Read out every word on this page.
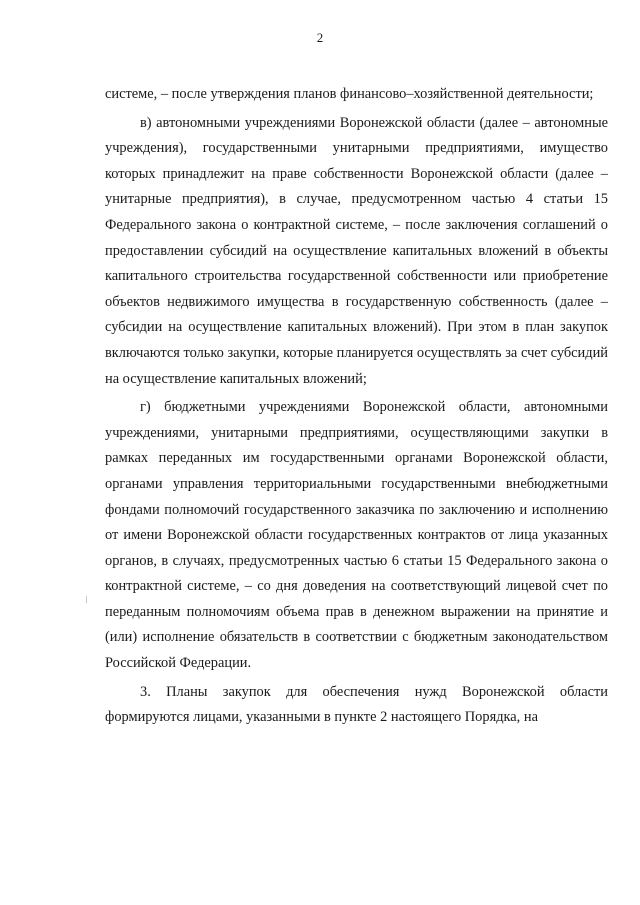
2

системе, – после утверждения планов финансово–хозяйственной деятельности;

в) автономными учреждениями Воронежской области (далее – автономные учреждения), государственными унитарными предприятиями, имущество которых принадлежит на праве собственности Воронежской области (далее – унитарные предприятия), в случае, предусмотренном частью 4 статьи 15 Федерального закона о контрактной системе, – после заключения соглашений о предоставлении субсидий на осуществление капитальных вложений в объекты капитального строительства государственной собственности или приобретение объектов недвижимого имущества в государственную собственность (далее – субсидии на осуществление капитальных вложений). При этом в план закупок включаются только закупки, которые планируется осуществлять за счет субсидий на осуществление капитальных вложений;

г) бюджетными учреждениями Воронежской области, автономными учреждениями, унитарными предприятиями, осуществляющими закупки в рамках переданных им государственными органами Воронежской области, органами управления территориальными государственными внебюджетными фондами полномочий государственного заказчика по заключению и исполнению от имени Воронежской области государственных контрактов от лица указанных органов, в случаях, предусмотренных частью 6 статьи 15 Федерального закона о контрактной системе, – со дня доведения на соответствующий лицевой счет по переданным полномочиям объема прав в денежном выражении на принятие и (или) исполнение обязательств в соответствии с бюджетным законодательством Российской Федерации.

3. Планы закупок для обеспечения нужд Воронежской области формируются лицами, указанными в пункте 2 настоящего Порядка, на
